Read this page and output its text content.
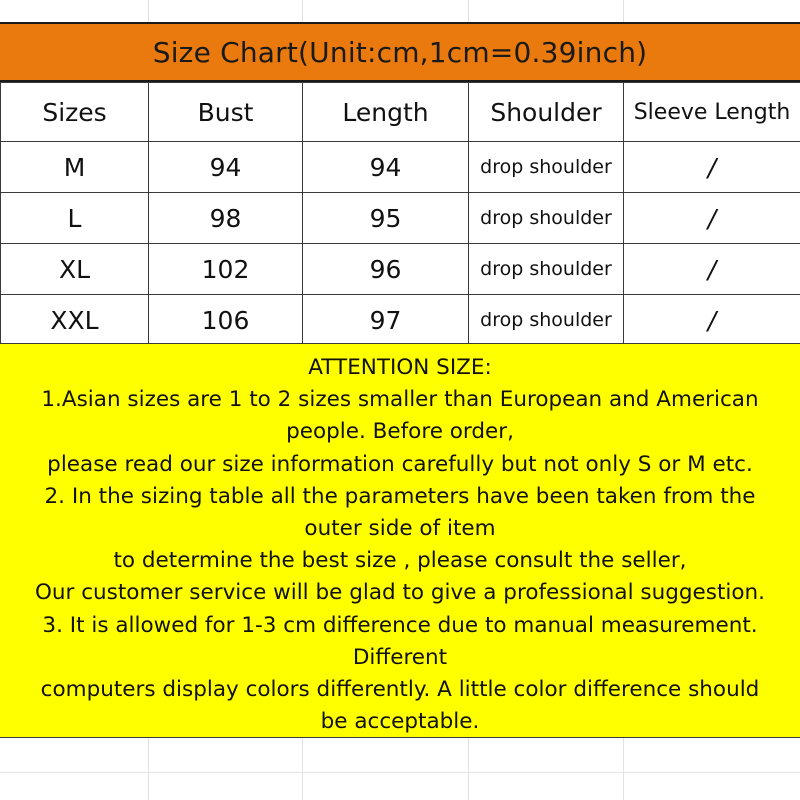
Size Chart(Unit:cm,1cm=0.39inch)
Sizes	Bust	Length	Shoulder	Sleeve Length
M	94	94	drop shoulder	/
L	98	95	drop shoulder	/
XL	102	96	drop shoulder	/
XXL	106	97	drop shoulder	/
ATTENTION SIZE:
1.Asian sizes are 1 to 2 sizes smaller than European and American
people. Before order,
please read our size information carefully but not only S or M etc.
2. In the sizing table all the parameters have been taken from the
outer side of item
to determine the best size , please consult the seller,
Our customer service will be glad to give a professional suggestion.
3. It is allowed for 1-3 cm difference due to manual measurement.
Different
computers display colors differently. A little color difference should
be acceptable.
